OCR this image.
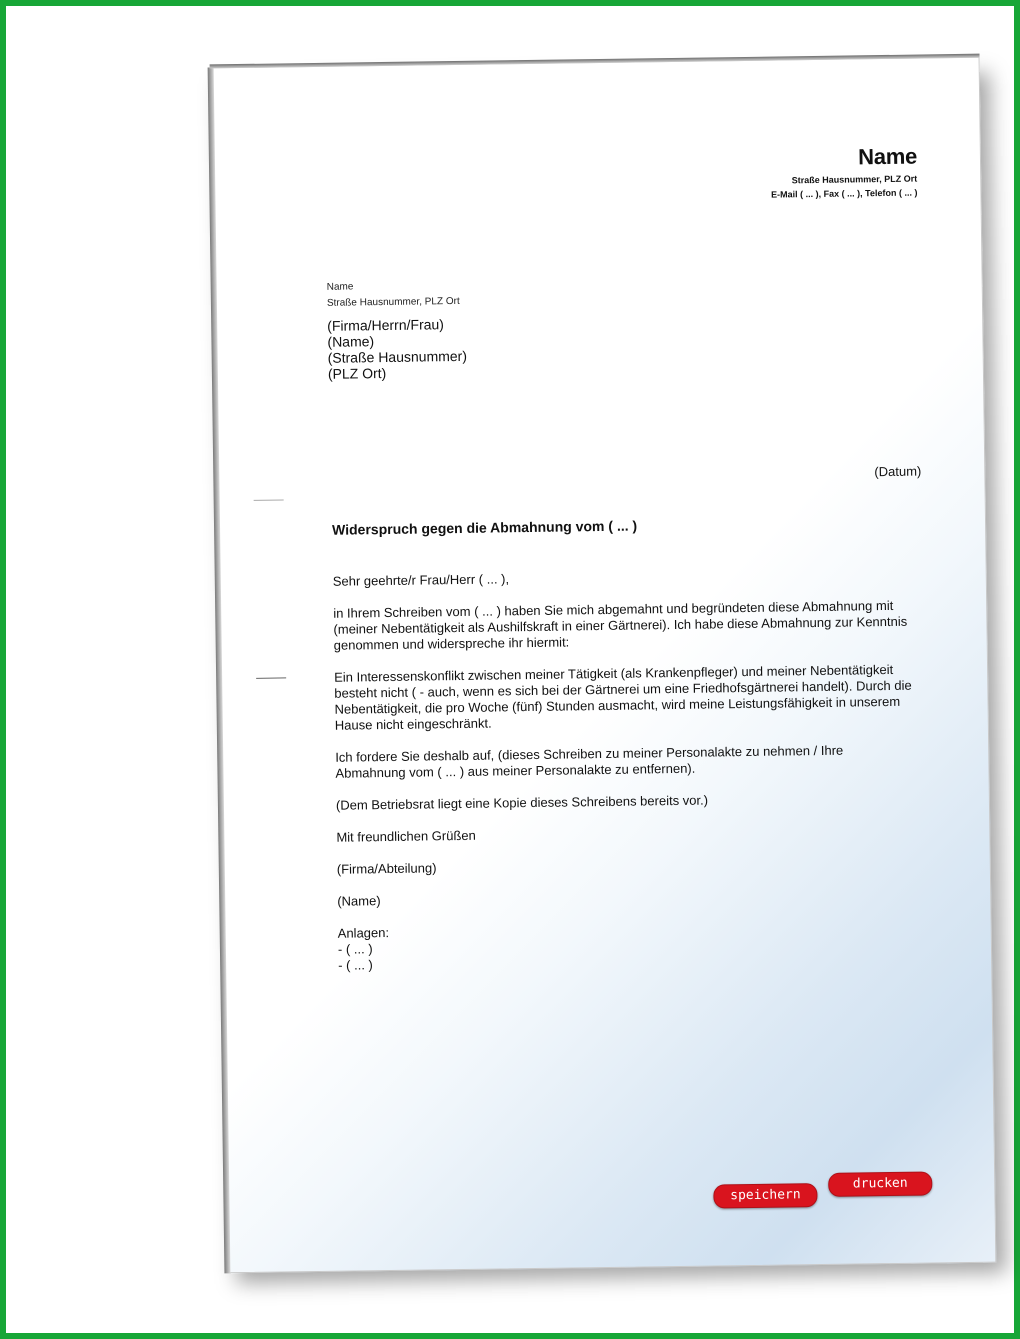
Name
Straße Hausnummer, PLZ Ort
E-Mail ( ... ), Fax ( ... ), Telefon ( ... )
Name
Straße Hausnummer, PLZ Ort
(Firma/Herrn/Frau)
(Name)
(Straße Hausnummer)
(PLZ Ort)
(Datum)
Widerspruch gegen die Abmahnung vom ( ... )

Sehr geehrte/r Frau/Herr ( ... ),

in Ihrem Schreiben vom ( ... ) haben Sie mich abgemahnt und begründeten diese Abmahnung mit (meiner Nebentätigkeit als Aushilfskraft in einer Gärtnerei). Ich habe diese Abmahnung zur Kenntnis genommen und widerspreche ihr hiermit:

Ein Interessenskonflikt zwischen meiner Tätigkeit (als Krankenpfleger) und meiner Nebentätigkeit besteht nicht ( - auch, wenn es sich bei der Gärtnerei um eine Friedhofsgärtnerei handelt). Durch die Nebentätigkeit, die pro Woche (fünf) Stunden ausmacht, wird meine Leistungsfähigkeit in unserem Hause nicht eingeschränkt.

Ich fordere Sie deshalb auf, (dieses Schreiben zu meiner Personalakte zu nehmen / Ihre Abmahnung vom ( ... ) aus meiner Personalakte zu entfernen).

(Dem Betriebsrat liegt eine Kopie dieses Schreibens bereits vor.)

Mit freundlichen Grüßen

(Firma/Abteilung)

(Name)

Anlagen:

- ( ... )

- ( ... )

speichern
drucken
